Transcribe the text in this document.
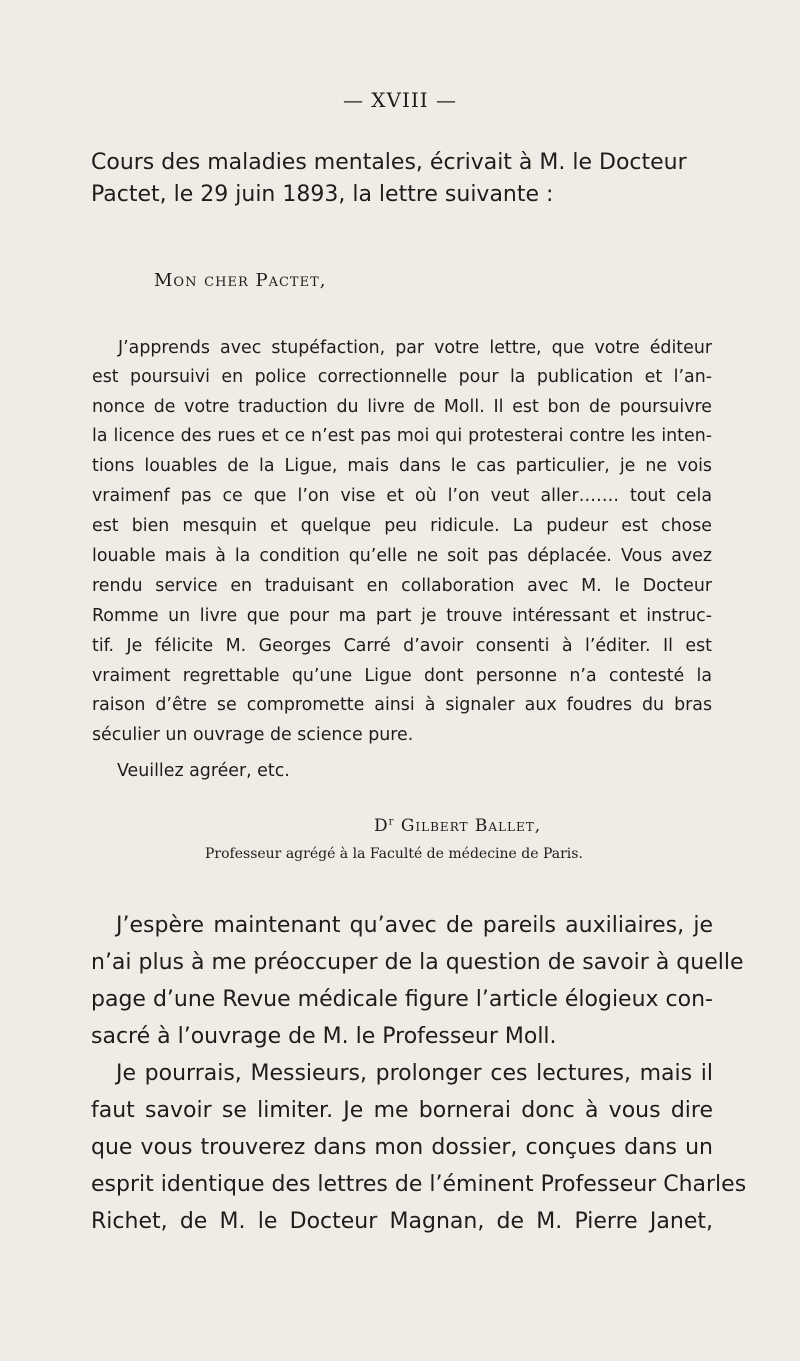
— XVIII —
Cours des maladies mentales, écrivait à M. le Docteur
Pactet, le 29 juin 1893, la lettre suivante :
Mon cher Pactet,
J’apprends avec stupéfaction, par votre lettre, que votre éditeur
est poursuivi en police correctionnelle pour la publication et l’an-
nonce de votre traduction du livre de Moll. Il est bon de poursuivre
la licence des rues et ce n’est pas moi qui protesterai contre les inten-
tions louables de la Ligue, mais dans le cas particulier, je ne vois
vraimenf pas ce que l’on vise et où l’on veut aller……. tout cela
est bien mesquin et quelque peu ridicule. La pudeur est chose
louable mais à la condition qu’elle ne soit pas déplacée. Vous avez
rendu service en traduisant en collaboration avec M. le Docteur
Romme un livre que pour ma part je trouve intéressant et instruc-
tif. Je félicite M. Georges Carré d’avoir consenti à l’éditer. Il est
vraiment regrettable qu’une Ligue dont personne n’a contesté la
raison d’être se compromette ainsi à signaler aux foudres du bras
séculier un ouvrage de science pure.
Veuillez agréer, etc.
$D^r$ Gilbert Ballet,
Professeur agrégé à la Faculté de médecine de Paris.
J’espère maintenant qu’avec de pareils auxiliaires, je
n’ai plus à me préoccuper de la question de savoir à quelle
page d’une Revue médicale figure l’article élogieux con-
sacré à l’ouvrage de M. le Professeur Moll.
Je pourrais, Messieurs, prolonger ces lectures, mais il
faut savoir se limiter. Je me bornerai donc à vous dire
que vous trouverez dans mon dossier, conçues dans un
esprit identique des lettres de l’éminent Professeur Charles
Richet, de M. le Docteur Magnan, de M. Pierre Janet,
